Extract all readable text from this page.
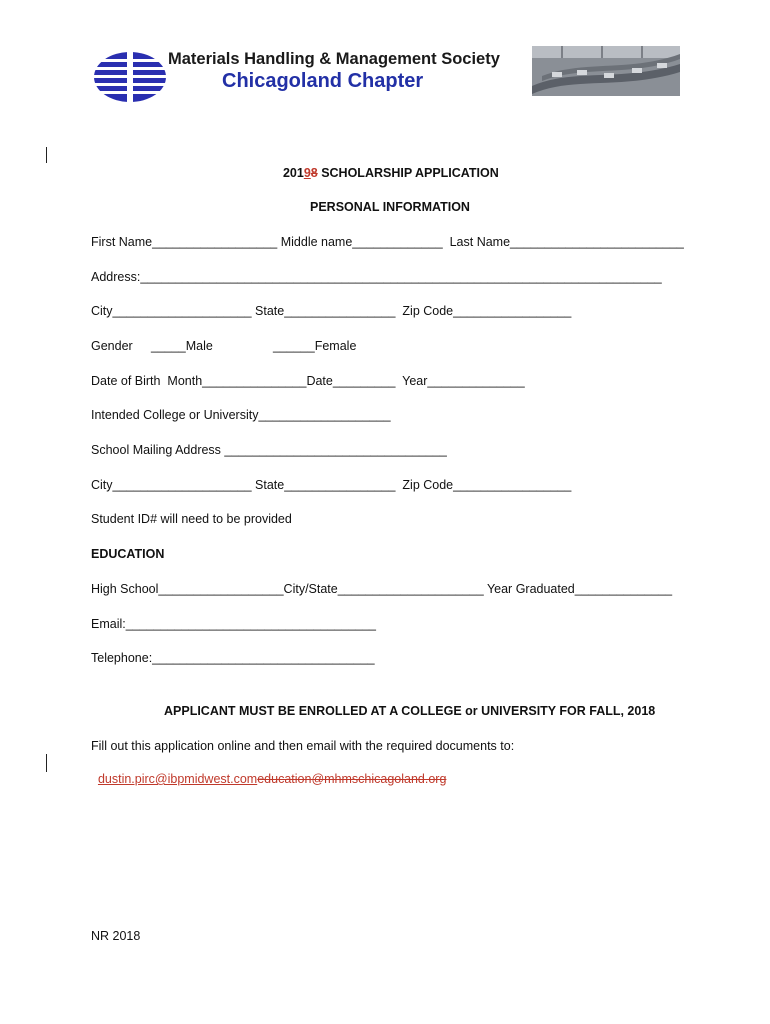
Materials Handling & Management Society
Chicagoland Chapter

20198 SCHOLARSHIP APPLICATION

PERSONAL INFORMATION
First Name__________________ Middle name_____________  Last Name_________________________
Address:___________________________________________________________________________
City____________________ State________________  Zip Code_________________
Gender _____Male	______Female
Date of Birth  Month_______________Date_________  Year______________
Intended College or University___________________
School Mailing Address ________________________________
City____________________ State________________  Zip Code_________________
Student ID# will need to be provided
EDUCATION
High School__________________City/State_____________________ Year Graduated______________
Email:____________________________________
Telephone:________________________________
APPLICANT MUST BE ENROLLED AT A COLLEGE or UNIVERSITY FOR FALL, 2018
Fill out this application online and then email with the required documents to:

dustin.pirc@ibpmidwest.comeducation@mhmschicagoland.org

NR 2018
